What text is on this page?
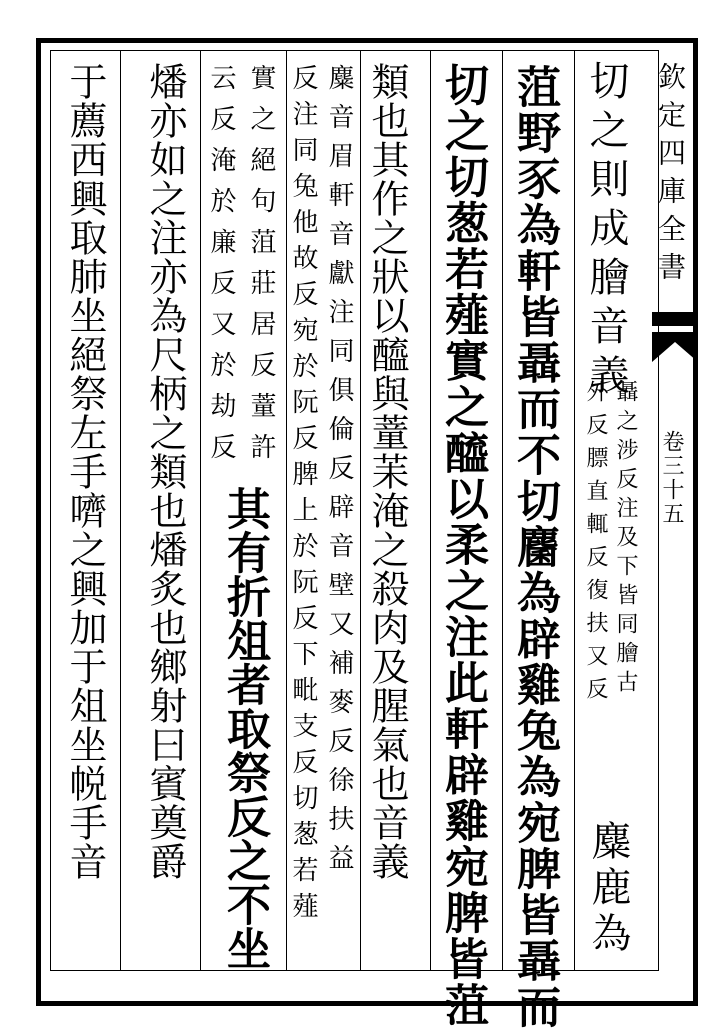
欽定四庫全書
卷三十五
切之則成膾音義
聶之涉反注及下皆同膾古
外反膘直輒反復扶又反
麋鹿為
菹野豕為軒皆聶而不切麕為辟雞兔為宛脾皆聶而
切之切葱若薤實之醯以柔之注此軒辟雞宛脾皆菹
類也其作之狀以醯與蕫苿淹之殺肉及腥氣也音義
麋音眉軒音獻注同俱倫反辟音壁又補麥反徐扶益
反注同兔他故反宛於阮反脾上於阮反下毗支反切葱若薤
實之絕句菹莊居反蕫許
其有折俎者取祭反之不坐
云反淹於廉反又於劫反
燔亦如之注亦為尺柄之類也燔炙也鄉射曰賓奠爵
于薦西興取肺坐絕祭左手嚌之興加于俎坐帨手音
